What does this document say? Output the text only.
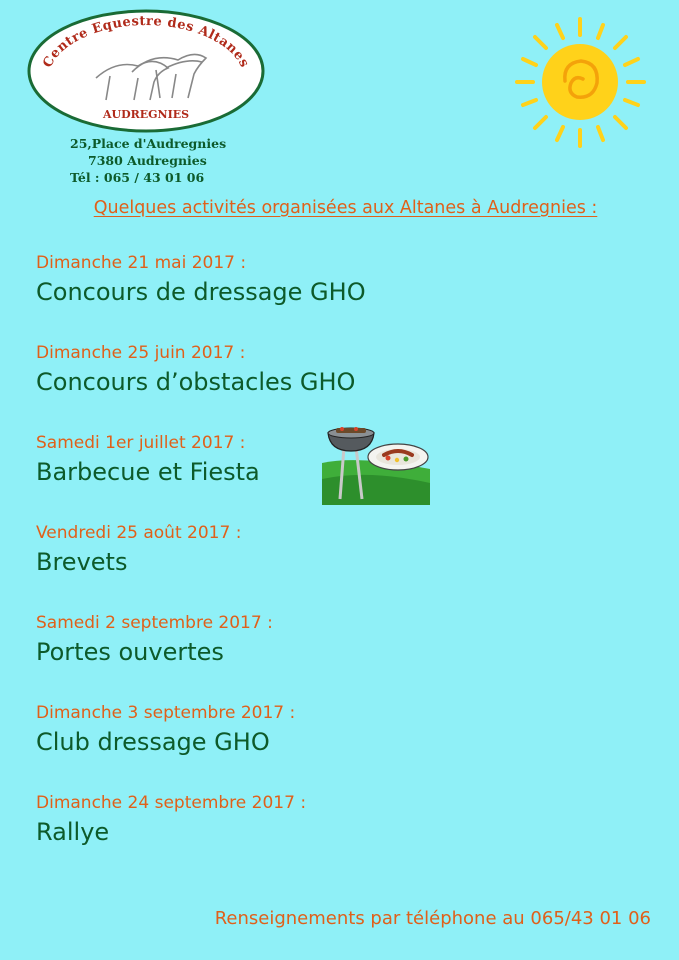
Centre Equestre des Altanes
AUDREGNIES
25,Place d'Audregnies
7380 Audregnies
Tél : 065 / 43 01 06
Quelques activités organisées aux Altanes à Audregnies :
Dimanche 21 mai 2017 :
Concours de dressage GHO
Dimanche 25 juin 2017 :
Concours d’obstacles GHO
Samedi 1er juillet 2017 :
Barbecue et Fiesta
Vendredi 25 août 2017 :
Brevets
Samedi 2 septembre 2017 :
Portes ouvertes
Dimanche 3 septembre 2017 :
Club dressage GHO
Dimanche 24 septembre 2017 :
Rallye
Renseignements par téléphone au 065/43 01 06
